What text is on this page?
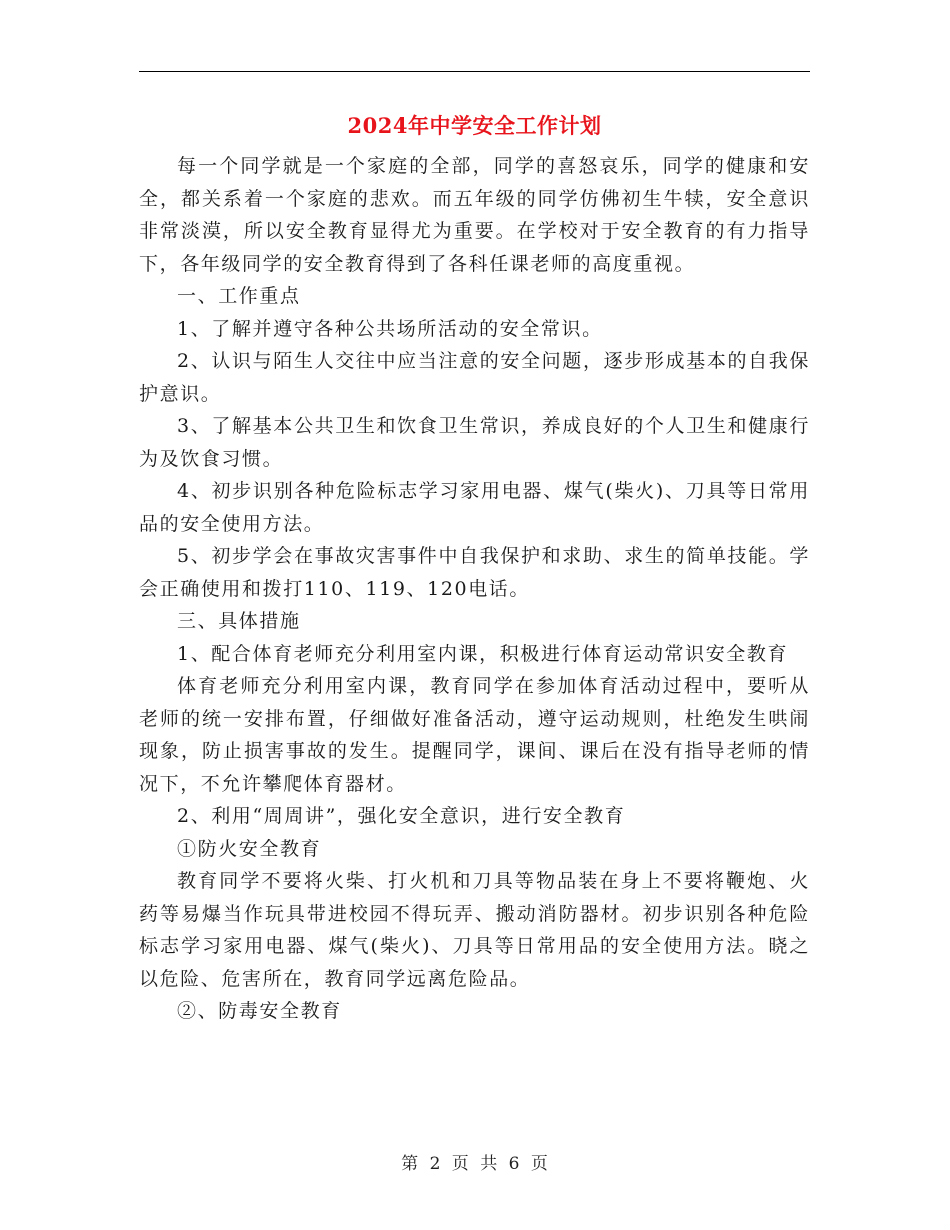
2024年中学安全工作计划

每一个同学就是一个家庭的全部，同学的喜怒哀乐，同学的健康和安全，都关系着一个家庭的悲欢。而五年级的同学仿佛初生牛犊，安全意识非常淡漠，所以安全教育显得尤为重要。在学校对于安全教育的有力指导下，各年级同学的安全教育得到了各科任课老师的高度重视。

一、工作重点

1、了解并遵守各种公共场所活动的安全常识。

2、认识与陌生人交往中应当注意的安全问题，逐步形成基本的自我保护意识。

3、了解基本公共卫生和饮食卫生常识，养成良好的个人卫生和健康行为及饮食习惯。

4、初步识别各种危险标志学习家用电器、煤气(柴火)、刀具等日常用品的安全使用方法。

5、初步学会在事故灾害事件中自我保护和求助、求生的简单技能。学会正确使用和拨打110、119、120电话。

三、具体措施

1、配合体育老师充分利用室内课，积极进行体育运动常识安全教育

体育老师充分利用室内课，教育同学在参加体育活动过程中，要听从老师的统一安排布置，仔细做好准备活动，遵守运动规则，杜绝发生哄闹现象，防止损害事故的发生。提醒同学，课间、课后在没有指导老师的情况下，不允许攀爬体育器材。

2、利用“周周讲”，强化安全意识，进行安全教育

①防火安全教育

教育同学不要将火柴、打火机和刀具等物品装在身上不要将鞭炮、火药等易爆当作玩具带进校园不得玩弄、搬动消防器材。初步识别各种危险标志学习家用电器、煤气(柴火)、刀具等日常用品的安全使用方法。晓之以危险、危害所在，教育同学远离危险品。

②、防毒安全教育

第 2 页 共 6 页
